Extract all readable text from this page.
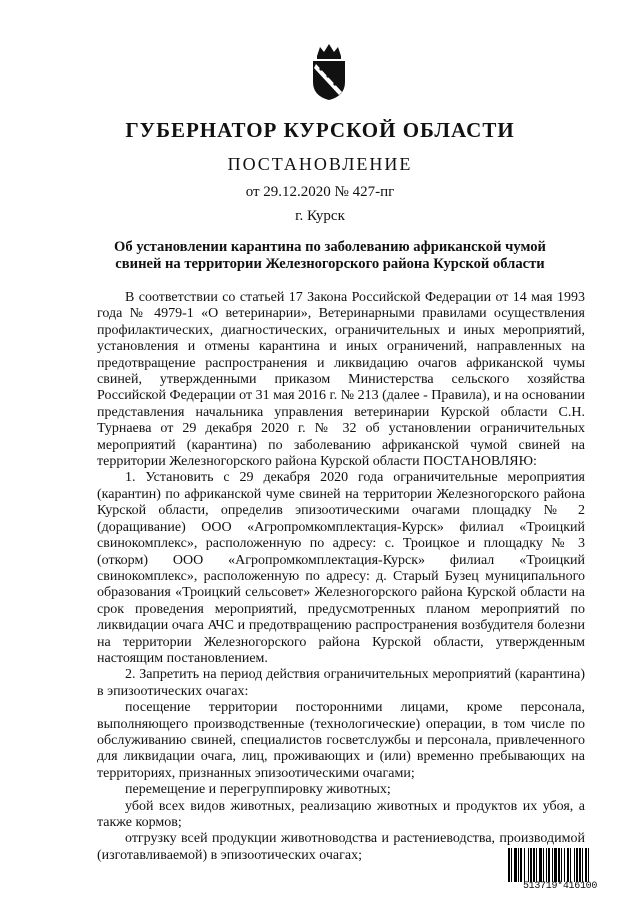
ГУБЕРНАТОР КУРСКОЙ ОБЛАСТИ
ПОСТАНОВЛЕНИЕ
от 29.12.2020 № 427-пг
г. Курск
Об установлении карантина по заболеванию африканской чумой свиней на территории Железногорского района Курской области

В соответствии со статьей 17 Закона Российской Федерации от 14 мая 1993 года № 4979-1 «О ветеринарии», Ветеринарными правилами осуществления профилактических, диагностических, ограничительных и иных мероприятий, установления и отмены карантина и иных ограничений, направленных на предотвращение распространения и ликвидацию очагов африканской чумы свиней, утвержденными приказом Министерства сельского хозяйства Российской Федерации от 31 мая 2016 г. № 213 (далее - Правила), и на основании представления начальника управления ветеринарии Курской области С.Н. Турнаева от 29 декабря 2020 г. № 32 об установлении ограничительных мероприятий (карантина) по заболеванию африканской чумой свиней на территории Железногорского района Курской области ПОСТАНОВЛЯЮ:

1. Установить с 29 декабря 2020 года ограничительные мероприятия (карантин) по африканской чуме свиней на территории Железногорского района Курской области, определив эпизоотическими очагами площадку № 2 (доращивание) ООО «Агропромкомплектация-Курск» филиал «Троицкий свинокомплекс», расположенную по адресу: с. Троицкое и площадку № 3 (откорм) ООО «Агропромкомплектация-Курск» филиал «Троицкий свинокомплекс», расположенную по адресу: д. Старый Бузец муниципального образования «Троицкий сельсовет» Железногорского района Курской области на срок проведения мероприятий, предусмотренных планом мероприятий по ликвидации очага АЧС и предотвращению распространения возбудителя болезни на территории Железногорского района Курской области, утвержденным настоящим постановлением.

2. Запретить на период действия ограничительных мероприятий (карантина) в эпизоотических очагах:

посещение территории посторонними лицами, кроме персонала, выполняющего производственные (технологические) операции, в том числе по обслуживанию свиней, специалистов госветслужбы и персонала, привлеченного для ликвидации очага, лиц, проживающих и (или) временно пребывающих на территориях, признанных эпизоотическими очагами;

перемещение и перегруппировку животных;

убой всех видов животных, реализацию животных и продуктов их убоя, а также кормов;

отгрузку всей продукции животноводства и растениеводства, производимой (изготавливаемой) в эпизоотических очагах;

513719*416100
